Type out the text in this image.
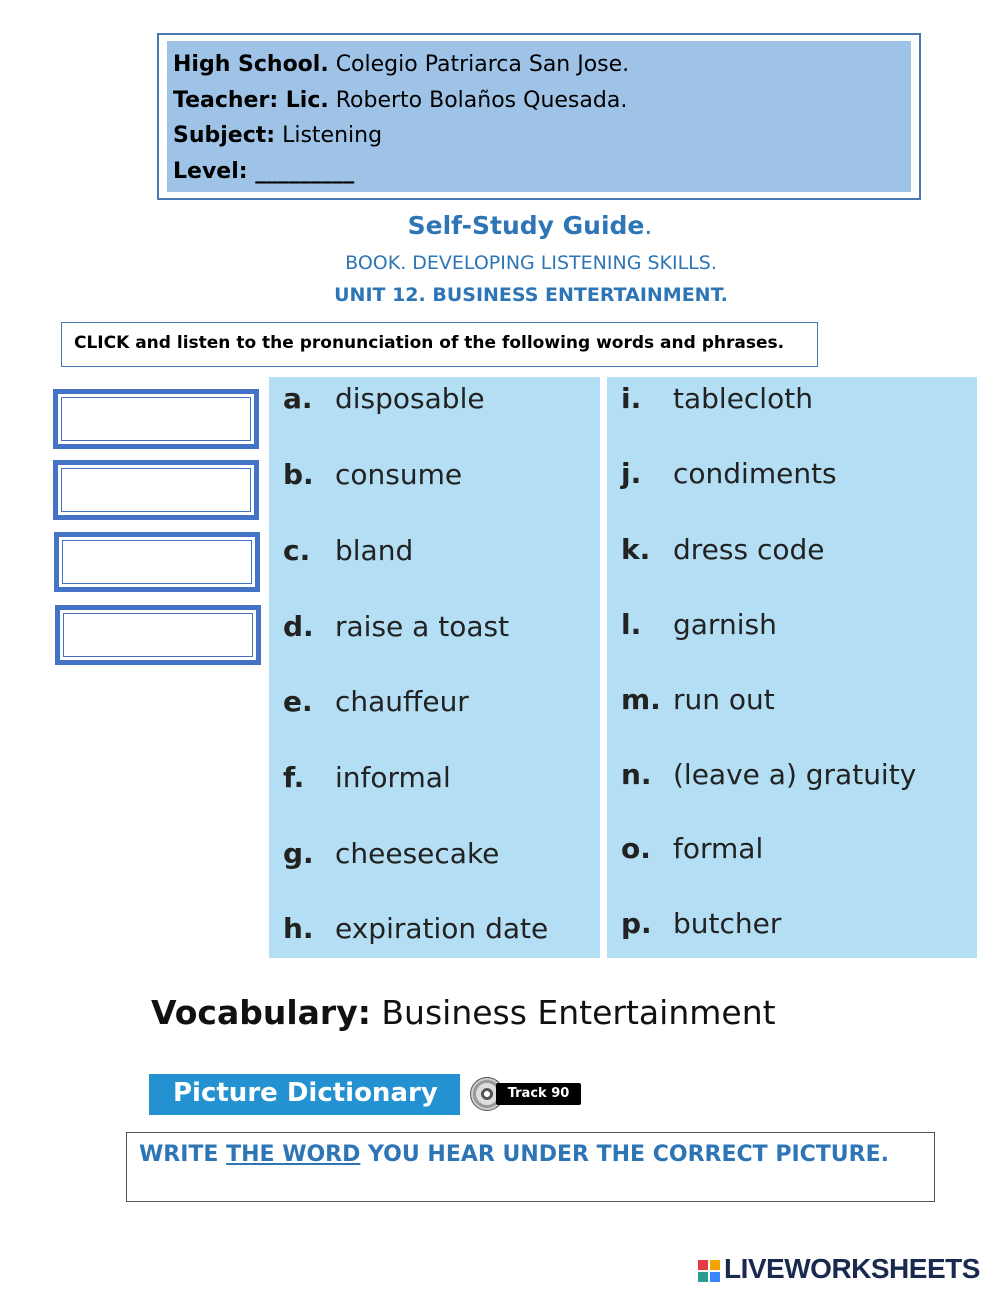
High School. Colegio Patriarca San Jose.
Teacher: Lic. Roberto Bolaños Quesada.
Subject: Listening
Level: _________
Self-Study Guide.
BOOK. DEVELOPING LISTENING SKILLS.
UNIT 12. BUSINESS ENTERTAINMENT.
CLICK and listen to the pronunciation of the following words and phrases.
a. disposable
b. consume
c. bland
d. raise a toast
e. chauffeur
f. informal
g. cheesecake
h. expiration date
i. tablecloth
j. condiments
k. dress code
l. garnish
m. run out
n. (leave a) gratuity
o. formal
p. butcher
Vocabulary: Business Entertainment
Picture Dictionary	Track 90
WRITE THE WORD YOU HEAR UNDER THE CORRECT PICTURE.
LIVEWORKSHEETS
